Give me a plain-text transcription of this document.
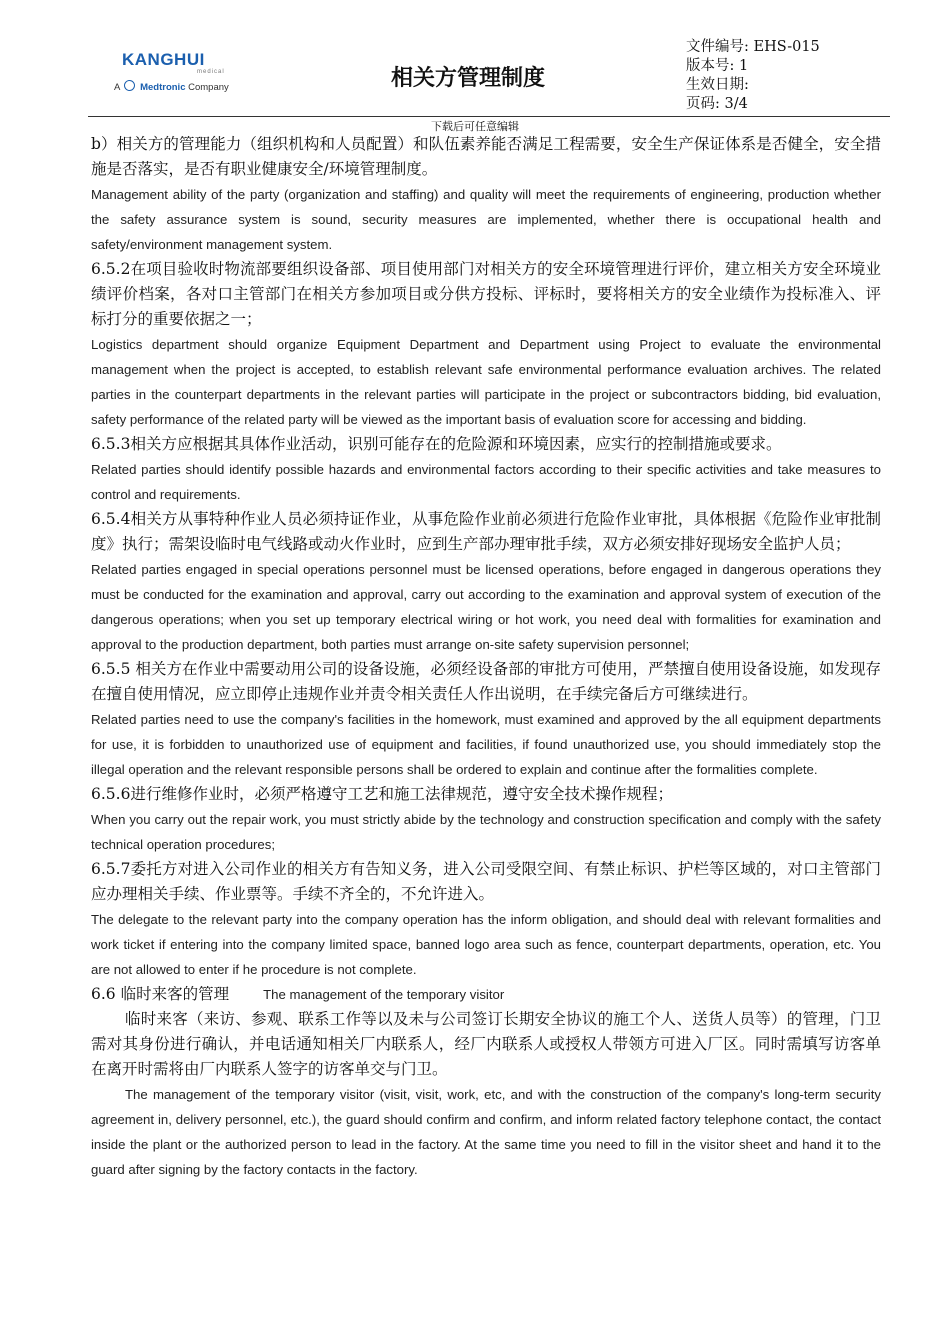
KANGHUI
medical
A Medtronic Company	相关方管理制度
文件编号: EHS-015
版本号: 1
生效日期:
页码: 3/4
下载后可任意编辑

b）相关方的管理能力（组织机构和人员配置）和队伍素养能否满足工程需要，安全生产保证体系是否健全，安全措施是否落实，是否有职业健康安全/环境管理制度。

Management ability of the party (organization and staffing) and quality will meet the requirements of engineering, production whether the safety assurance system is sound, security measures are implemented, whether there is occupational health and safety/environment management system.

6.5.2在项目验收时物流部要组织设备部、项目使用部门对相关方的安全环境管理进行评价，建立相关方安全环境业绩评价档案，各对口主管部门在相关方参加项目或分供方投标、评标时，要将相关方的安全业绩作为投标准入、评标打分的重要依据之一；

Logistics department should organize Equipment Department and Department using Project to evaluate the environmental management when the project is accepted, to establish relevant safe environmental performance evaluation archives. The related parties in the counterpart departments in the relevant parties will participate in the project or subcontractors bidding, bid evaluation, safety performance of the related party will be viewed as the important basis of evaluation score for accessing and bidding.

6.5.3相关方应根据其具体作业活动，识别可能存在的危险源和环境因素，应实行的控制措施或要求。

Related parties should identify possible hazards and environmental factors according to their specific activities and take measures to control and requirements.

6.5.4相关方从事特种作业人员必须持证作业，从事危险作业前必须进行危险作业审批，具体根据《危险作业审批制度》执行；需架设临时电气线路或动火作业时，应到生产部办理审批手续，双方必须安排好现场安全监护人员；

Related parties engaged in special operations personnel must be licensed operations, before engaged in dangerous operations they must be conducted for the examination and approval, carry out according to the examination and approval system of execution of the dangerous operations; when you set up temporary electrical wiring or hot work, you need deal with formalities for examination and approval to the production department, both parties must arrange on-site safety supervision personnel;

6.5.5 相关方在作业中需要动用公司的设备设施，必须经设备部的审批方可使用，严禁擅自使用设备设施，如发现存在擅自使用情况，应立即停止违规作业并责令相关责任人作出说明，在手续完备后方可继续进行。

Related parties need to use the company's facilities in the homework, must examined and approved by the all equipment departments for use, it is forbidden to unauthorized use of equipment and facilities, if found unauthorized use, you should immediately stop the illegal operation and the relevant responsible persons shall be ordered to explain and continue after the formalities complete.

6.5.6进行维修作业时，必须严格遵守工艺和施工法律规范，遵守安全技术操作规程；

When you carry out the repair work, you must strictly abide by the technology and construction specification and comply with the safety technical operation procedures;

6.5.7委托方对进入公司作业的相关方有告知义务，进入公司受限空间、有禁止标识、护栏等区域的，对口主管部门应办理相关手续、作业票等。手续不齐全的，不允许进入。

The delegate to the relevant party into the company operation has the inform obligation, and should deal with relevant formalities and work ticket if entering into the company limited space, banned logo area such as fence, counterpart departments, operation, etc. You are not allowed to enter if he procedure is not complete.

6.6 临时来客的管理	The management of the temporary visitor

临时来客（来访、参观、联系工作等以及未与公司签订长期安全协议的施工个人、送货人员等）的管理，门卫需对其身份进行确认，并电话通知相关厂内联系人，经厂内联系人或授权人带领方可进入厂区。同时需填写访客单在离开时需将由厂内联系人签字的访客单交与门卫。

The management of the temporary visitor (visit, visit, work, etc, and with the construction of the company's long-term security agreement in, delivery personnel, etc.), the guard should confirm and confirm, and inform related factory telephone contact, the contact inside the plant or the authorized person to lead in the factory. At the same time you need to fill in the visitor sheet and hand it to the guard after signing by the factory contacts in the factory.
